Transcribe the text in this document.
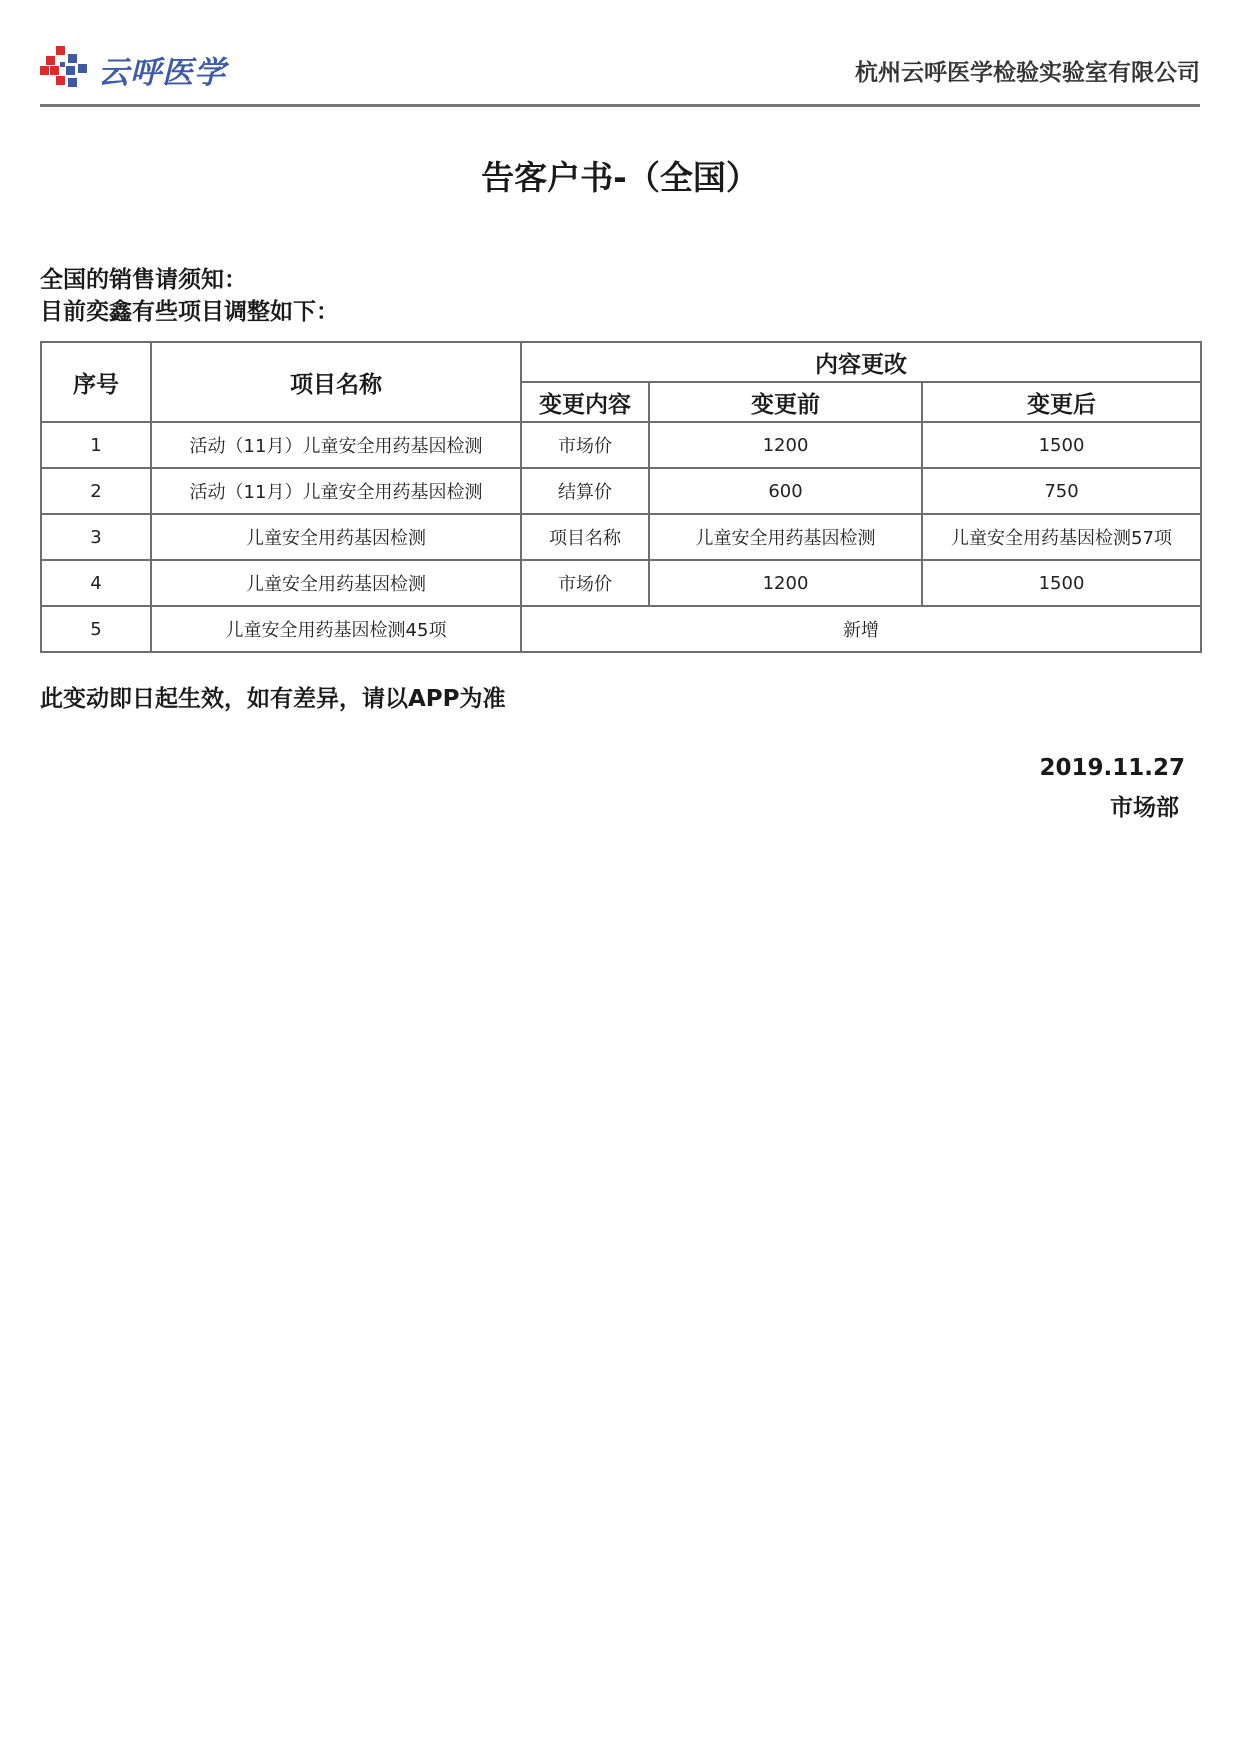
云呼医学	杭州云呼医学检验实验室有限公司
告客户书-（全国）
全国的销售请须知：
目前奕鑫有些项目调整如下：
序号	项目名称	内容更改		
		变更内容	变更前	变更后
1	活动（11月）儿童安全用药基因检测	市场价	1200	1500
2	活动（11月）儿童安全用药基因检测	结算价	600	750
3	儿童安全用药基因检测	项目名称	儿童安全用药基因检测	儿童安全用药基因检测57项
4	儿童安全用药基因检测	市场价	1200	1500
5	儿童安全用药基因检测45项	新增		
此变动即日起生效，如有差异，请以APP为准
2019.11.27
市场部
